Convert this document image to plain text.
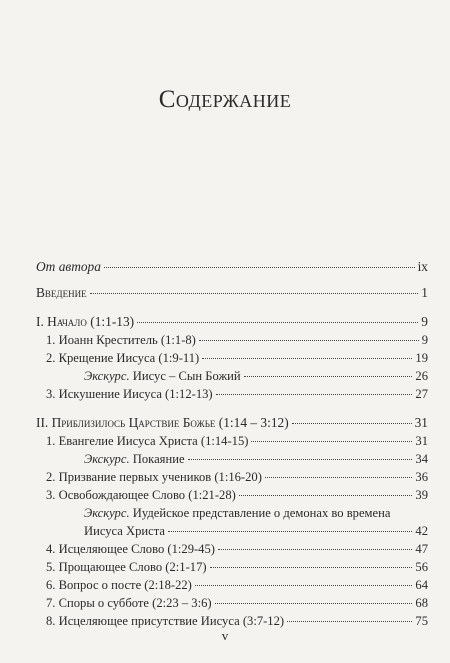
Содержание
От автора	ix
Введение	1
I. Начало (1:1-13)	9
1. Иоанн Креститель (1:1-8)	9
2. Крещение Иисуса (1:9-11)	19
Экскурс. Иисус – Сын Божий	26
3. Искушение Иисуса (1:12-13)	27
II. Приблизилось Царствие Божье (1:14 – 3:12)	31
1. Евангелие Иисуса Христа (1:14-15)	31
Экскурс. Покаяние	34
2. Призвание первых учеников (1:16-20)	36
3. Освобождающее Слово (1:21-28)	39
Экскурс. Иудейское представление о демонах во времена
Иисуса Христа	42
4. Исцеляющее Слово (1:29-45)	47
5. Прощающее Слово (2:1-17)	56
6. Вопрос о посте (2:18-22)	64
7. Споры о субботе (2:23 – 3:6)	68
8. Исцеляющее присутствие Иисуса (3:7-12)	75
v
